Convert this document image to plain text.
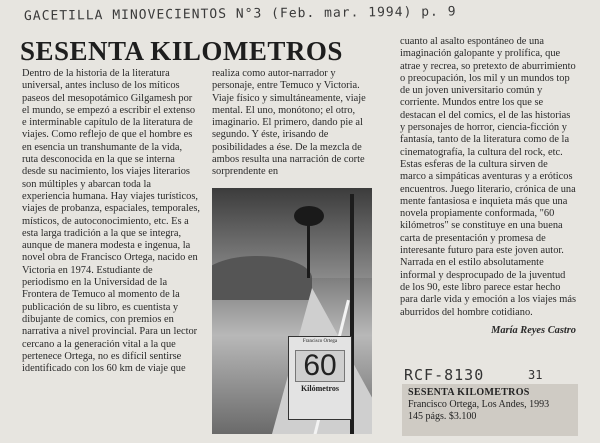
GACETILLA MINOVECIENTOS N°3 (Feb. mar. 1994) p. 9
SESENTA KILOMETROS

Dentro de la historia de la literatura universal, antes incluso de los míticos paseos del mesopotámico Gilgamesh por el mundo, se empezó a escribir el extenso e interminable capítulo de la literatura de viajes. Como reflejo de que el hombre es en esencia un transhumante de la vida, ruta desconocida en la que se interna desde su nacimiento, los viajes literarios son múltiples y abarcan toda la experiencia humana. Hay viajes turísticos, viajes de probanza, espaciales, temporales, místicos, de autoconocimiento, etc. Es a esta larga tradición a la que se integra, aunque de manera modesta e ingenua, la novel obra de Francisco Ortega, nacido en Victoria en 1974. Estudiante de periodismo en la Universidad de la Frontera de Temuco al momento de la publicación de su libro, es cuentista y dibujante de comics, con premios en narrativa a nivel provincial. Para un lector cercano a la generación vital a la que pertenece Ortega, no es difícil sentirse identificado con los 60 km de viaje que

realiza como autor-narrador y personaje, entre Temuco y Victoria. Viaje físico y simultáneamente, viaje mental. El uno, monótono; el otro, imaginario. El primero, dando pie al segundo. Y éste, irisando de posibilidades a ése. De la mezcla de ambos resulta una narración de corte sorprendente en

Francisco Ortega
60
Kilómetros

cuanto al asalto espontáneo de una imaginación galopante y prolífica, que atrae y recrea, so pretexto de aburrimiento o preocupación, los mil y un mundos top de un joven universitario común y corriente. Mundos entre los que se destacan el del comics, el de las historias y personajes de horror, ciencia-ficción y fantasía, tanto de la literatura como de la cinematografía, la cultura del rock, etc. Estas esferas de la cultura sirven de marco a simpáticas aventuras y a eróticos encuentros. Juego literario, crónica de una mente fantasiosa e inquieta más que una novela propiamente conformada, "60 kilómetros" se constituye en una buena carta de presentación y promesa de interesante futuro para este joven autor. Narrada en el estilo absolutamente informal y desprocupado de la juventud de los 90, este libro parece estar hecho para darle vida y emoción a los viajes más aburridos del hombre cotidiano.

María Reyes Castro

RCF-8130	31
SESENTA KILOMETROS
Francisco Ortega, Los Andes, 1993
145 págs. $3.100
